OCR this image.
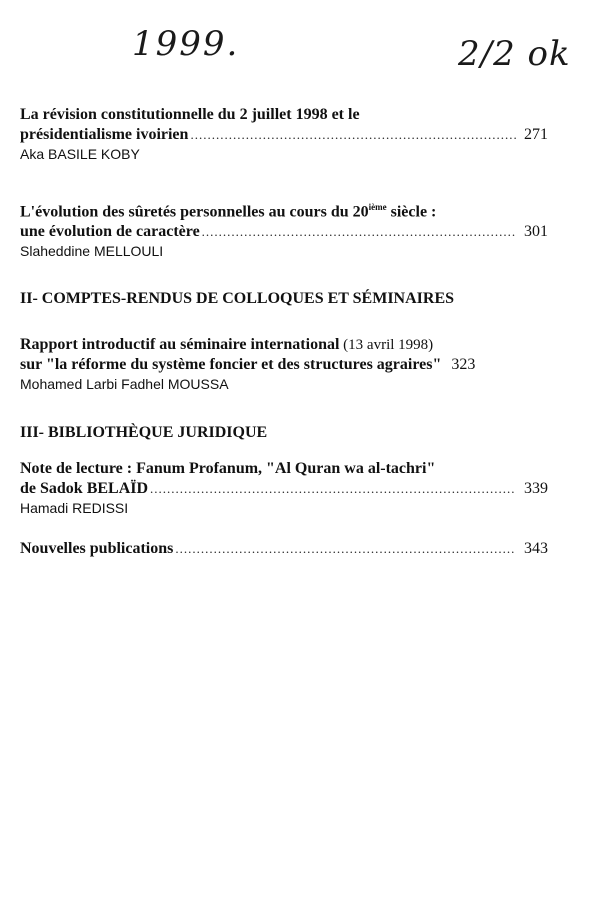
1999.	2/2 ok
La révision constitutionnelle du 2 juillet 1998 et le
présidentialisme ivoirien .....	271
Aka BASILE KOBY
L'évolution des sûretés personnelles au cours du 20ième siècle :
une évolution de caractère .....	301
Slaheddine MELLOULI
II- COMPTES-RENDUS DE COLLOQUES ET SÉMINAIRES
Rapport introductif au séminaire international (13 avril 1998)
sur "la réforme du système foncier et des structures agraires" 323
Mohamed Larbi Fadhel MOUSSA
III- BIBLIOTHÈQUE JURIDIQUE
Note de lecture : Fanum Profanum, "Al Quran wa al-tachri"
de Sadok BELAÏD .....	339
Hamadi REDISSI
Nouvelles publications .....	343
